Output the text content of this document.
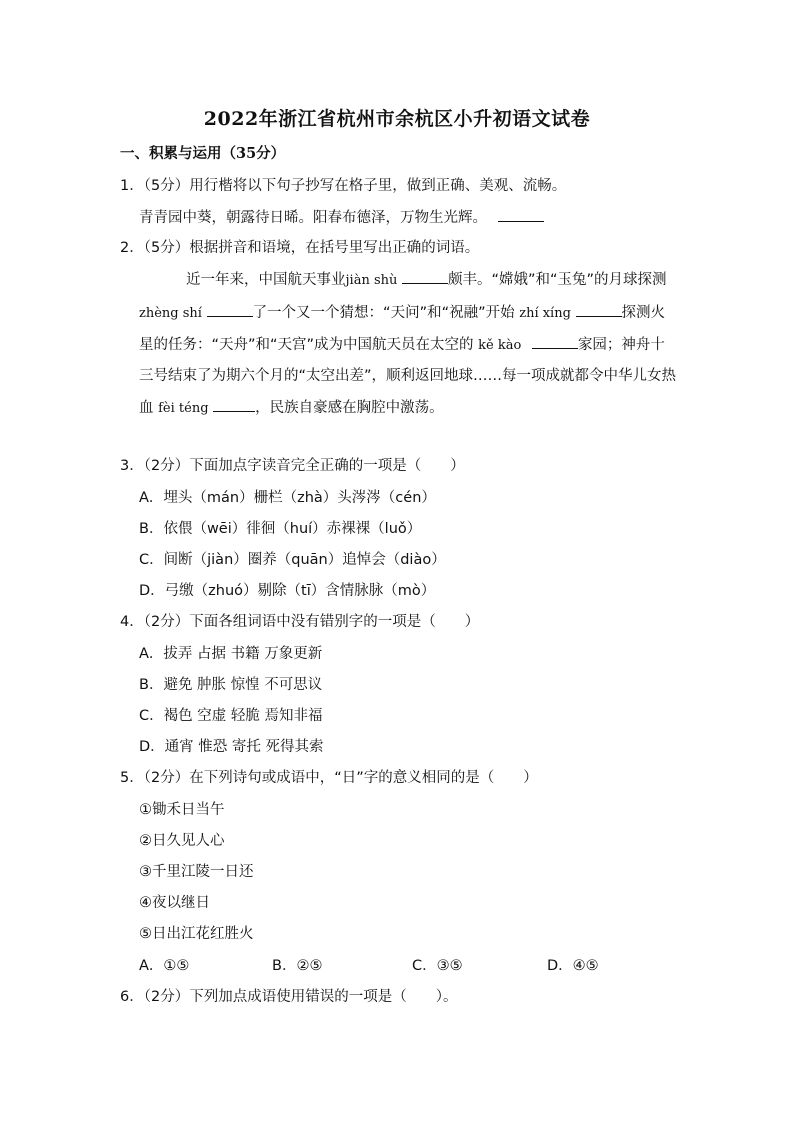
2022年浙江省杭州市余杭区小升初语文试卷
一、积累与运用（35分）
1．（5分）用行楷将以下句子抄写在格子里，做到正确、美观、流畅。
青青园中葵，朝露待日晞。阳春布德泽，万物生光辉。
2．（5分）根据拼音和语境，在括号里写出正确的词语。
近一年来，中国航天事业jiàn shù	颇丰。“嫦娥”和“玉兔”的月球探测
zhèng shí	了一个又一个猜想：“天问”和“祝融”开始 zhí xíng	探测火
星的任务：“天舟”和“天宫”成为中国航天员在太空的 kě kào	家园；神舟十
三号结束了为期六个月的“太空出差”，顺利返回地球……每一项成就都令中华儿女热
血 fèi téng	，民族自豪感在胸腔中激荡。
3．（2分）下面加点字读音完全正确的一项是（　　）
A．埋头（mán）栅栏（zhà）头涔涔（cén）
B．依偎（wēi）徘徊（huí）赤裸裸（luǒ）
C．间断（jiàn）圈养（quān）追悼会（diào）
D．弓缴（zhuó）剔除（tī）含情脉脉（mò）
4．（2分）下面各组词语中没有错别字的一项是（　　）
A．拔弄 占据 书籍 万象更新
B．避免 肿胀 惊惶 不可思议
C．褐色 空虚 轻脆 焉知非福
D．通宵 惟恐 寄托 死得其索
5．（2分）在下列诗句或成语中，“日”字的意义相同的是（　　）
①锄禾日当午
②日久见人心
③千里江陵一日还
④夜以继日
⑤日出江花红胜火
A．①⑤	B．②⑤	C．③⑤	D．④⑤
6．（2分）下列加点成语使用错误的一项是（　　）。
